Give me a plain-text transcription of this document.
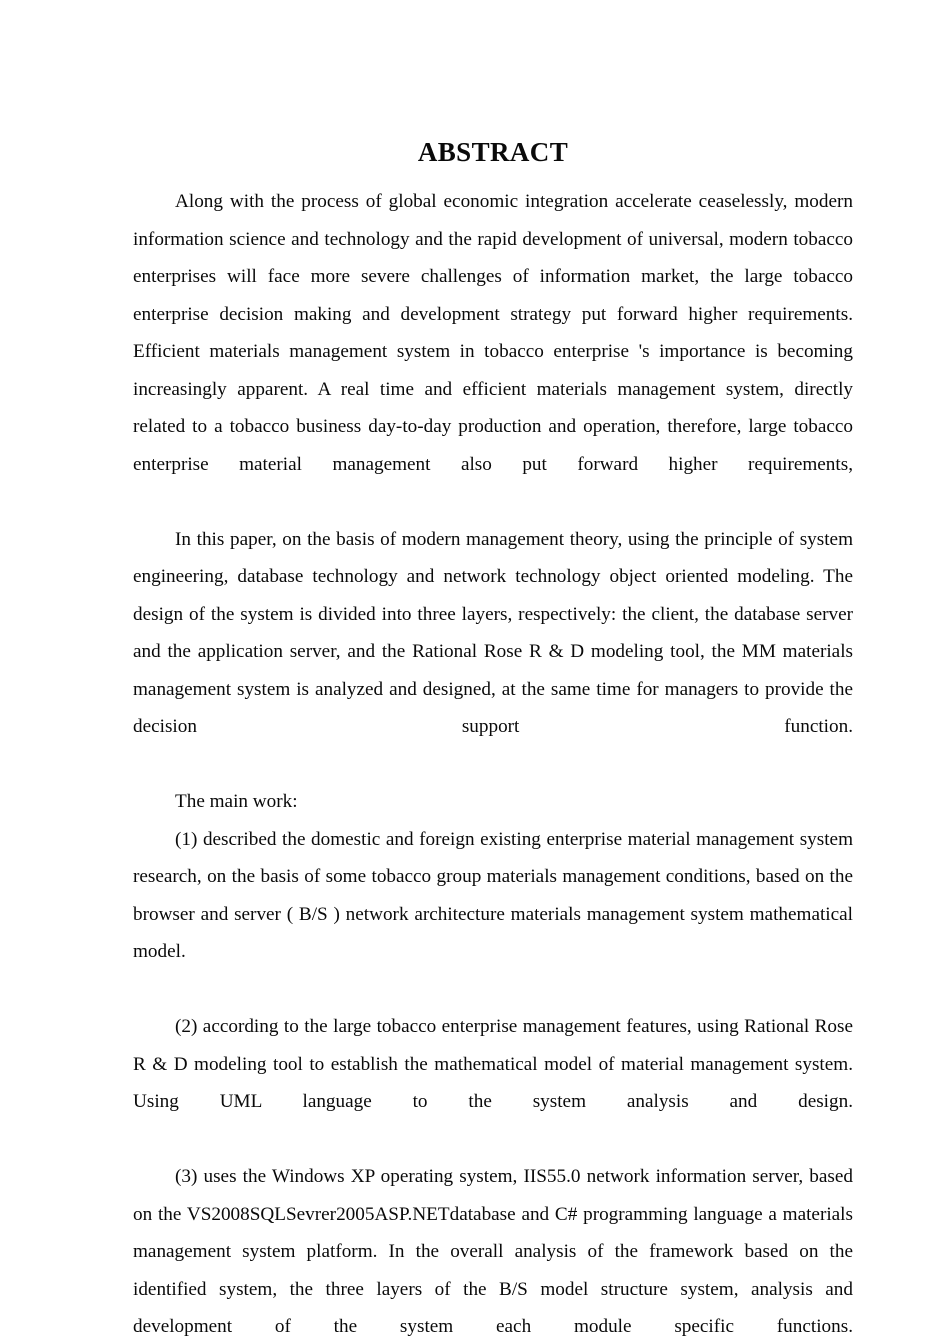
ABSTRACT

Along with the process of global economic integration accelerate ceaselessly, modern information science and technology and the rapid development of universal, modern tobacco enterprises will face more severe challenges of information market, the large tobacco enterprise decision making and development strategy put forward higher requirements. Efficient materials management system in tobacco enterprise 's importance is becoming increasingly apparent. A real time and efficient materials management system, directly related to a tobacco business day-to-day production and operation, therefore, large tobacco enterprise material management also put forward higher requirements,

In this paper, on the basis of modern management theory, using the principle of system engineering, database technology and network technology object oriented modeling. The design of the system is divided into three layers, respectively: the client, the database server and the application server, and the Rational Rose R & D modeling tool, the MM materials management system is analyzed and designed, at the same time for managers to provide the decision support function.

The main work:

(1) described the domestic and foreign existing enterprise material management system research, on the basis of some tobacco group materials management conditions, based on the browser and server ( B/S ) network architecture materials management system mathematical model.

(2) according to the large tobacco enterprise management features, using Rational Rose R & D modeling tool to establish the mathematical model of material management system. Using UML language to the system analysis and design.

(3) uses the Windows XP operating system, IIS55.0 network information server, based on the VS2008SQLSevrer2005ASP.NETdatabase and C# programming language a materials management system platform. In the overall analysis of the framework based on the identified system, the three layers of the B/S model structure system, analysis and development of the system each module specific functions.
